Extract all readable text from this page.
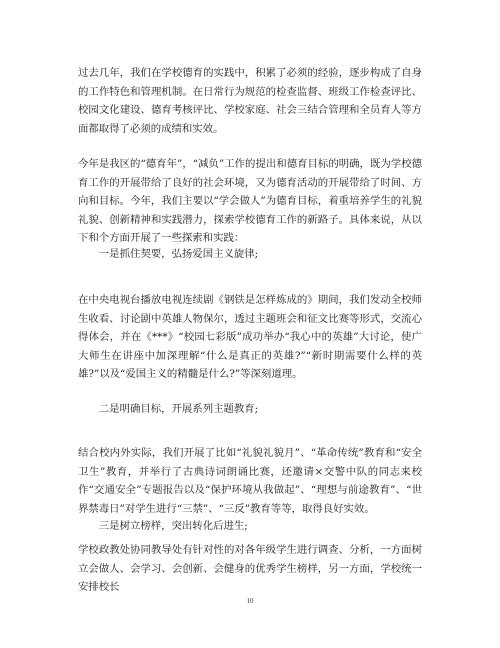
过去几年，我们在学校德育的实践中，积累了必须的经验，逐步构成了自身的工作特色和管理机制。在日常行为规范的检查监督、班级工作检查评比、校园文化建设、德育考核评比、学校家庭、社会三结合管理和全员育人等方面都取得了必须的成绩和实效。

今年是我区的“德育年”，“减负”工作的提出和德育目标的明确，既为学校德育工作的开展带给了良好的社会环境，又为德育活动的开展带给了时间、方向和目标。今年，我们主要以“学会做人”为德育目标，着重培养学生的礼貌礼貌、创新精神和实践潜力，探索学校德育工作的新路子。具体来说，从以下和个方面开展了一些探索和实践：

一是抓住契要，弘扬爱国主义旋律;

在中央电视台播放电视连续剧《钢铁是怎样炼成的》期间，我们发动全校师生收看、讨论剧中英雄人物保尔，透过主题班会和征文比赛等形式，交流心得体会，并在《***》“校园七彩版”成功举办“我心中的英雄”大讨论，使广大师生在讲座中加深理解“什么是真正的英雄?”“新时期需要什么样的英雄?”以及“爱国主义的精髓是什么?”等深刻道理。

二是明确目标，开展系列主题教育;

结合校内外实际，我们开展了比如“礼貌礼貌月”、“革命传统”教育和“安全卫生”教育，并举行了古典诗词朗诵比赛，还邀请×交警中队的同志来校作“交通安全”专题报告以及“保护环境从我做起”、“理想与前途教育”、“世界禁毒日”对学生进行“三禁”、“三反”教育等等，取得良好实效。

三是树立榜样，突出转化后进生;

学校政教处协同教导处有针对性的对各年级学生进行调查、分析，一方面树立会做人、会学习、会创新、会健身的优秀学生榜样，另一方面，学校统一安排校长

10
